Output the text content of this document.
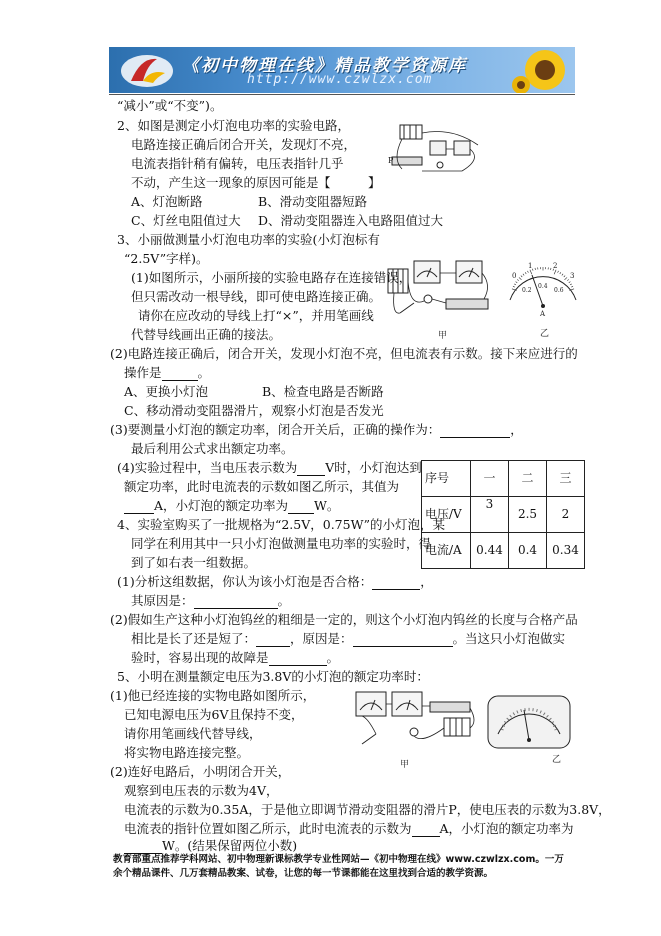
《初中物理在线》精品教学资源库
http://www.czwlzx.com
“减小”或“不变”)。
2、如图是测定小灯泡电功率的实验电路，
电路连接正确后闭合开关，发现灯不亮，
电流表指针稍有偏转，电压表指针几乎
不动，产生这一现象的原因可能是 【　　　】
A、灯泡断路	B、滑动变阻器短路
C、灯丝电阻值过大 D、滑动变阻器连入电路阻值过大
P
3、小丽做测量小灯泡电功率的实验(小灯泡标有
“2.5V”字样)。
(1)如图所示，小丽所接的实验电路存在连接错误，
但只需改动一根导线，即可使电路连接正确。
请你在应改动的导线上打“×”，并用笔画线
代替导线画出正确的接法。	甲
0
1	2
3
0.2
0.4
0.6
A
乙
(2)电路连接正确后，闭合开关，发现小灯泡不亮，但电流表有示数。接下来应进行的
操作是	。
A、更换小灯泡	B、检查电路是否断路
C、移动滑动变阻器滑片，观察小灯泡是否发光
(3)要测量小灯泡的额定功率，闭合开关后，正确的操作为：	，
最后利用公式求出额定功率。
(4)实验过程中，当电压表示数为 V时，小灯泡达到
额定功率，此时电流表的示数如图乙所示，其值为
A，小灯泡的额定功率为 W。
序号	一	二	三
电压/V	3	2.5	2
电流/A	0.44	0.4	0.34
4、实验室购买了一批规格为“2.5V，0.75W”的小灯泡，某
同学在利用其中一只小灯泡做测量电功率的实验时，得
到了如右表一组数据。
(1)分析这组数据，你认为该小灯泡是否合格：	，
其原因是：	。
(2)假如生产这种小灯泡钨丝的粗细是一定的，则这个小灯泡内钨丝的长度与合格产品
相比是长了还是短了：	，原因是：	。当这只小灯泡做实
验时，容易出现的故障是	。
5、小明在测量额定电压为3.8V的小灯泡的额定功率时：
(1)他已经连接的实物电路如图所示，
已知电源电压为6V且保持不变，
请你用笔画线代替导线，
将实物电路连接完整。
(2)连好电路后，小明闭合开关，
观察到电压表的示数为4V，
电流表的示数为0.35A，于是他立即调节滑动变阻器的滑片P，使电压表的示数为3.8V，
电流表的指针位置如图乙所示，此时电流表的示数为 A，小灯泡的额定功率为
W。(结果保留两位小数)
甲	乙
教育部重点推荐学科网站、初中物理新课标教学专业性网站—《初中物理在线》www.czwlzx.com。一万余个精品课件、几万套精品教案、试卷，让您的每一节课都能在这里找到合适的教学资源。
